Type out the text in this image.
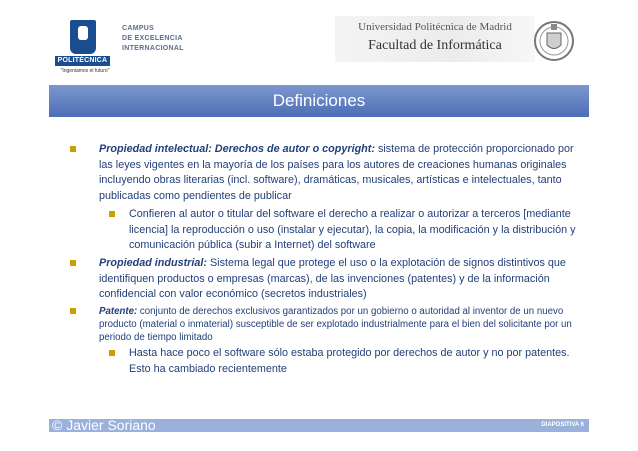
POLITÉCNICA
"Ingeniamos el futuro"
CAMPUS
DE EXCELENCIA
INTERNACIONAL
Universidad Politécnica de Madrid
Facultad de Informática
Definiciones
Propiedad intelectual: Derechos de autor o copyright: sistema de protección proporcionado por las leyes vigentes en la mayoría de los países para los autores de creaciones humanas originales incluyendo obras literarias (incl. software), dramáticas, musicales, artísticas e intelectuales, tanto publicadas como pendientes de publicar
Confieren al autor o titular del software el derecho a realizar o autorizar a terceros [mediante licencia] la reproducción o uso (instalar y ejecutar), la copia, la modificación y la distribución y comunicación pública (subir a Internet) del software
Propiedad industrial: Sistema legal que protege el uso o la explotación de signos distintivos que identifiquen productos o empresas (marcas), de las invenciones (patentes) y de la información confidencial con valor económico (secretos industriales)
Patente: conjunto de derechos exclusivos garantizados por un gobierno o autoridad al inventor de un nuevo producto (material o inmaterial) susceptible de ser explotado industrialmente para el bien del solicitante por un periodo de tiempo limitado
Hasta hace poco el software sólo estaba protegido por derechos de autor y no por patentes. Esto ha cambiado recientemente
© Javier Soriano	DIAPOSITIVA 6
